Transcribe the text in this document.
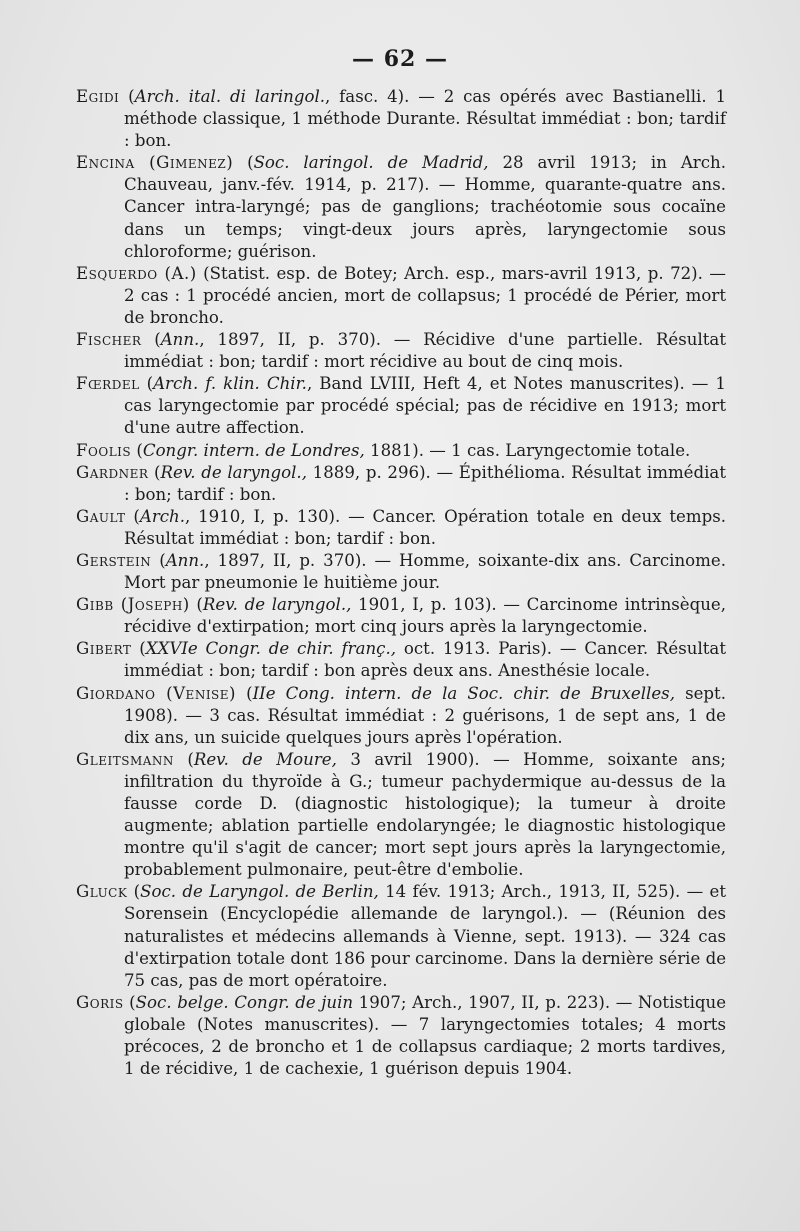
— 62 —

Egidi (Arch. ital. di laringol., fasc. 4). — 2 cas opérés avec Bastianelli. 1 méthode classique, 1 méthode Durante. Résultat immédiat : bon; tardif : bon.

Encina (Gimenez) (Soc. laringol. de Madrid, 28 avril 1913; in Arch. Chauveau, janv.-fév. 1914, p. 217). — Homme, quarante-quatre ans. Cancer intra-laryngé; pas de ganglions; trachéotomie sous cocaïne dans un temps; vingt-deux jours après, laryngectomie sous chloroforme; guérison.

Esquerdo (A.) (Statist. esp. de Botey; Arch. esp., mars-avril 1913, p. 72). — 2 cas : 1 procédé ancien, mort de collapsus; 1 procédé de Périer, mort de broncho.

Fischer (Ann., 1897, II, p. 370). — Récidive d'une partielle. Résultat immédiat : bon; tardif : mort récidive au bout de cinq mois.

Fœrdel (Arch. f. klin. Chir., Band LVIII, Heft 4, et Notes manuscrites). — 1 cas laryngectomie par procédé spécial; pas de récidive en 1913; mort d'une autre affection.

Foolis (Congr. intern. de Londres, 1881). — 1 cas. Laryngectomie totale.

Gardner (Rev. de laryngol., 1889, p. 296). — Épithélioma. Résultat immédiat : bon; tardif : bon.

Gault (Arch., 1910, I, p. 130). — Cancer. Opération totale en deux temps. Résultat immédiat : bon; tardif : bon.

Gerstein (Ann., 1897, II, p. 370). — Homme, soixante-dix ans. Carcinome. Mort par pneumonie le huitième jour.

Gibb (Joseph) (Rev. de laryngol., 1901, I, p. 103). — Carcinome intrinsèque, récidive d'extirpation; mort cinq jours après la laryngectomie.

Gibert (XXVIe Congr. de chir. franç., oct. 1913. Paris). — Cancer. Résultat immédiat : bon; tardif : bon après deux ans. Anesthésie locale.

Giordano (Venise) (IIe Cong. intern. de la Soc. chir. de Bruxelles, sept. 1908). — 3 cas. Résultat immédiat : 2 guérisons, 1 de sept ans, 1 de dix ans, un suicide quelques jours après l'opération.

Gleitsmann (Rev. de Moure, 3 avril 1900). — Homme, soixante ans; infiltration du thyroïde à G.; tumeur pachydermique au-dessus de la fausse corde D. (diagnostic histologique); la tumeur à droite augmente; ablation partielle endolaryngée; le diagnostic histologique montre qu'il s'agit de cancer; mort sept jours après la laryngectomie, probablement pulmonaire, peut-être d'embolie.

Gluck (Soc. de Laryngol. de Berlin, 14 fév. 1913; Arch., 1913, II, 525). — et Sorensein (Encyclopédie allemande de laryngol.). — (Réunion des naturalistes et médecins allemands à Vienne, sept. 1913). — 324 cas d'extirpation totale dont 186 pour carcinome. Dans la dernière série de 75 cas, pas de mort opératoire.

Goris (Soc. belge. Congr. de juin 1907; Arch., 1907, II, p. 223). — Notistique globale (Notes manuscrites). — 7 laryngectomies totales; 4 morts précoces, 2 de broncho et 1 de collapsus cardiaque; 2 morts tardives, 1 de récidive, 1 de cachexie, 1 guérison depuis 1904.
